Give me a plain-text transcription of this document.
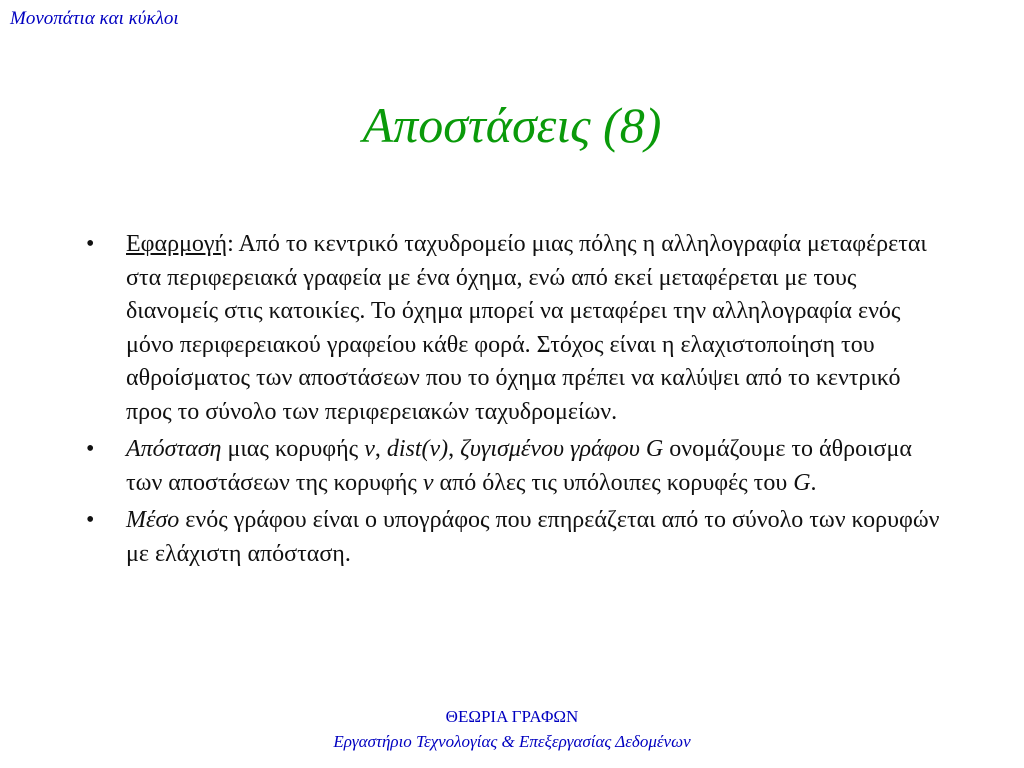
Μονοπάτια και κύκλοι
Αποστάσεις (8)
• Εφαρμογή: Από το κεντρικό ταχυδρομείο μιας πόλης η αλληλογραφία μεταφέρεται στα περιφερειακά γραφεία με ένα όχημα, ενώ από εκεί μεταφέρεται με τους διανομείς στις κατοικίες. Το όχημα μπορεί να μεταφέρει την αλληλογραφία ενός μόνο περιφερειακού γραφείου κάθε φορά. Στόχος είναι η ελαχιστοποίηση του αθροίσματος των αποστάσεων που το όχημα πρέπει να καλύψει από το κεντρικό προς το σύνολο των περιφερειακών ταχυδρομείων.
• Απόσταση μιας κορυφής v, dist(v), ζυγισμένου γράφου G ονομάζουμε το άθροισμα των αποστάσεων της κορυφής v από όλες τις υπόλοιπες κορυφές του G.
• Μέσο ενός γράφου είναι ο υπογράφος που επηρεάζεται από το σύνολο των κορυφών με ελάχιστη απόσταση.
ΘΕΩΡΙΑ ΓΡΑΦΩΝ
Εργαστήριο Τεχνολογίας & Επεξεργασίας Δεδομένων
